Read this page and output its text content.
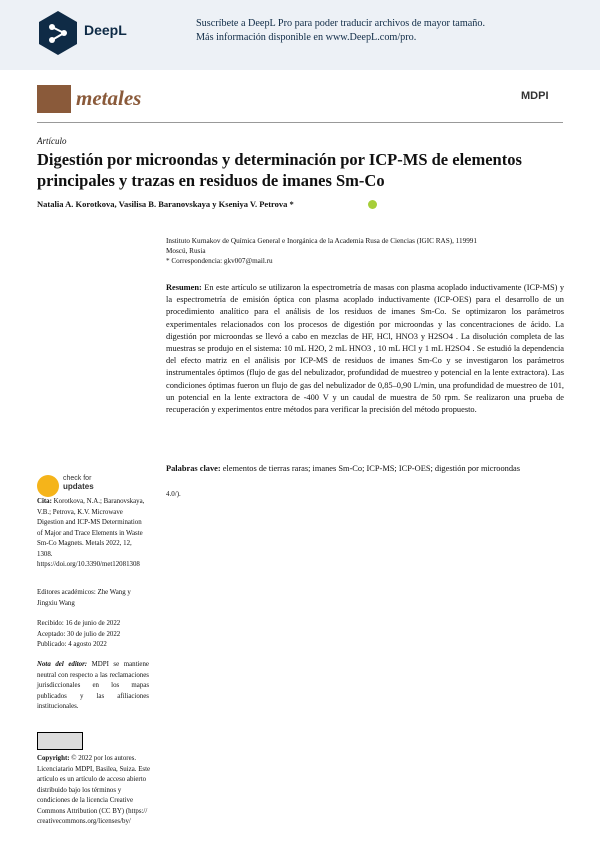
DeepL	Suscríbete a DeepL Pro para poder traducir archivos de mayor tamaño.
Más información disponible en www.DeepL.com/pro.
metales	MDPI
Artículo
Digestión por microondas y determinación por ICP-MS de elementos principales y trazas en residuos de imanes Sm-Co
Natalia A. Korotkova, Vasilisa B. Baranovskaya y Kseniya V. Petrova *
Instituto Kurnakov de Química General e Inorgánica de la Academia Rusa de Ciencias (IGIC RAS), 119991
Moscú, Rusia
* Correspondencia: gkv007@mail.ru
Resumen: En este artículo se utilizaron la espectrometría de masas con plasma acoplado inductivamente (ICP-MS) y la espectrometría de emisión óptica con plasma acoplado inductivamente (ICP-OES) para el desarrollo de un procedimiento analítico para el análisis de los residuos de imanes Sm-Co. Se optimizaron los parámetros experimentales relacionados con los procesos de digestión por microondas y las concentraciones de ácido. La digestión por microondas se llevó a cabo en mezclas de HF, HCl, HNO3 y H2SO4 . La disolución completa de las muestras se produjo en el sistema: 10 mL H2O, 2 mL HNO3 , 10 mL HCl y 1 mL H2SO4 . Se estudió la dependencia del efecto matriz en el análisis por ICP-MS de residuos de imanes Sm-Co y se investigaron los parámetros instrumentales óptimos (flujo de gas del nebulizador, profundidad de muestreo y potencial en la lente extractora). Las condiciones óptimas fueron un flujo de gas del nebulizador de 0,85–0,90 L/min, una profundidad de muestreo de 101, un potencial en la lente extractora de -400 V y un caudal de muestra de 50 rpm. Se realizaron una prueba de recuperación y experimentos entre métodos para verificar la precisión del método propuesto.
Palabras clave: elementos de tierras raras; imanes Sm-Co; ICP-MS; ICP-OES; digestión por microondas
4.0/).
check for
updates
Cita: Korotkova, N.A.; Baranovskaya, V.B.; Petrova, K.V. Microwave Digestion and ICP-MS Determination of Major and Trace Elements in Waste Sm-Co Magnets. Metals 2022, 12, 1308. https://doi.org/10.3390/met12081308
Editores académicos: Zhe Wang y Jingxiu Wang
Recibido: 16 de junio de 2022
Aceptado: 30 de julio de 2022
Publicado: 4 agosto 2022
Nota del editor: MDPI se mantiene neutral con respecto a las reclamaciones jurisdiccionales en los mapas publicados y las afiliaciones institucionales.
Copyright: © 2022 por los autores. Licenciatario MDPI, Basilea, Suiza. Este artículo es un artículo de acceso abierto distribuido bajo los términos y condiciones de la licencia Creative Commons Attribution (CC BY) (https:// creativecommons.org/licenses/by/
